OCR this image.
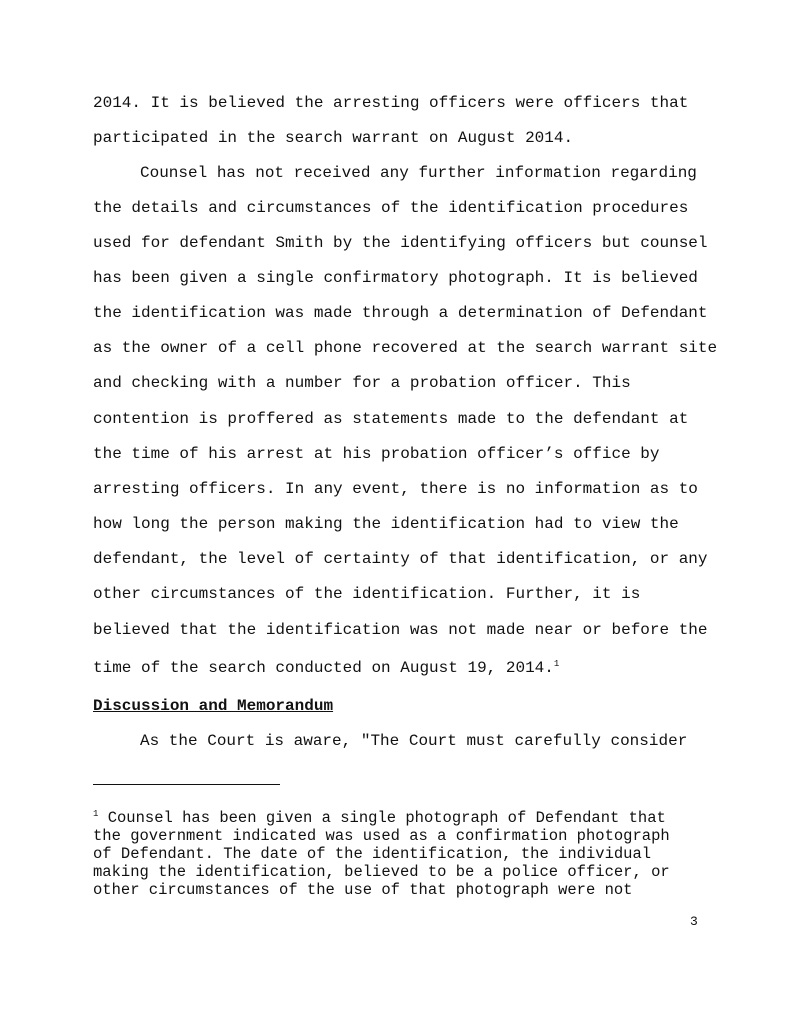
2014. It is believed the arresting officers were officers that
participated in the search warrant on August 2014.
Counsel has not received any further information regarding
the details and circumstances of the identification procedures
used for defendant Smith by the identifying officers but counsel
has been given a single confirmatory photograph. It is believed
the identification was made through a determination of Defendant
as the owner of a cell phone recovered at the search warrant site
and checking with a number for a probation officer. This
contention is proffered as statements made to the defendant at
the time of his arrest at his probation officer’s office by
arresting officers. In any event, there is no information as to
how long the person making the identification had to view the
defendant, the level of certainty of that identification, or any
other circumstances of the identification. Further, it is
believed that the identification was not made near or before the
time of the search conducted on August 19, 2014.$^1$
Discussion and Memorandum
As the Court is aware, "The Court must carefully consider
$^1$ Counsel has been given a single photograph of Defendant that
the government indicated was used as a confirmation photograph
of Defendant. The date of the identification, the individual
making the identification, believed to be a police officer, or
other circumstances of the use of that photograph were not
3
